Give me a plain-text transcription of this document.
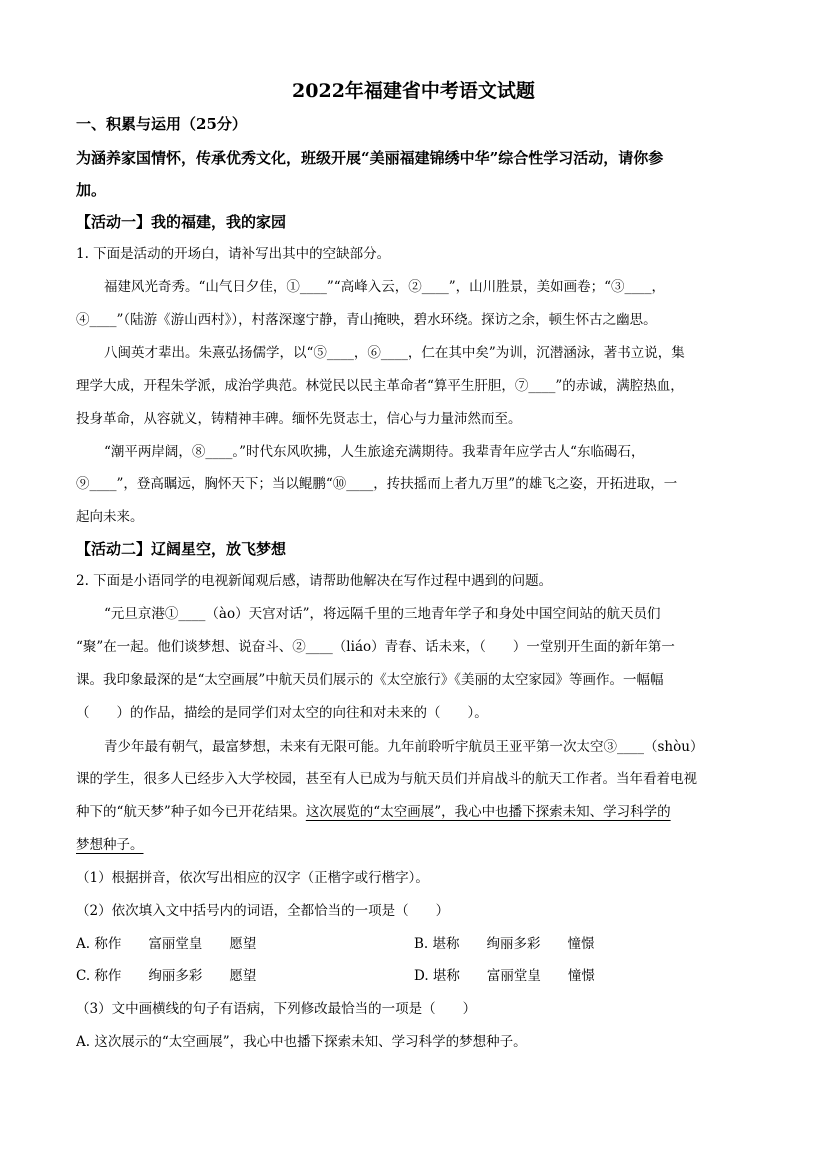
2022年福建省中考语文试题
一、积累与运用（25分）
为涵养家国情怀，传承优秀文化，班级开展“美丽福建锦绣中华”综合性学习活动，请你参
加。
【活动一】我的福建，我的家园
1. 下面是活动的开场白，请补写出其中的空缺部分。
福建风光奇秀。“山气日夕佳，①____”“高峰入云，②____”，山川胜景，美如画卷；“③____，
④____”（陆游《游山西村》），村落深邃宁静，青山掩映，碧水环绕。探访之余，顿生怀古之幽思。
八闽英才辈出。朱熹弘扬儒学，以“⑤____，⑥____，仁在其中矣”为训，沉潜涵泳，著书立说，集
理学大成，开程朱学派，成治学典范。林觉民以民主革命者“算平生肝胆，⑦____”的赤诚，满腔热血，
投身革命，从容就义，铸精神丰碑。缅怀先贤志士，信心与力量沛然而至。
“潮平两岸阔，⑧____。”时代东风吹拂，人生旅途充满期待。我辈青年应学古人“东临碣石，
⑨____”，登高瞩远，胸怀天下；当以鲲鹏“⑩____，抟扶摇而上者九万里”的雄飞之姿，开拓进取，一
起向未来。
【活动二】辽阔星空，放飞梦想
2. 下面是小语同学的电视新闻观后感，请帮助他解决在写作过程中遇到的问题。
“元旦京港①____（ào）天宫对话”，将远隔千里的三地青年学子和身处中国空间站的航天员们
“聚”在一起。他们谈梦想、说奋斗、②____（liáo）青春、话未来，（　　）一堂别开生面的新年第一
课。我印象最深的是“太空画展”中航天员们展示的《太空旅行》《美丽的太空家园》等画作。一幅幅
（　　）的作品，描绘的是同学们对太空的向往和对未来的（　　）。
青少年最有朝气，最富梦想，未来有无限可能。九年前聆听宇航员王亚平第一次太空③____（shòu）
课的学生，很多人已经步入大学校园，甚至有人已成为与航天员们并肩战斗的航天工作者。当年看着电视
种下的“航天梦”种子如今已开花结果。这次展览的“太空画展”，我心中也播下探索未知、学习科学的
梦想种子。
（1）根据拼音，依次写出相应的汉字（正楷字或行楷字）。
（2）依次填入文中括号内的词语，全都恰当的一项是（　　）
A. 称作　　富丽堂皇　　愿望	B. 堪称　　绚丽多彩　　憧憬
C. 称作　　绚丽多彩　　愿望	D. 堪称　　富丽堂皇　　憧憬
（3）文中画横线的句子有语病，下列修改最恰当的一项是（　　）
A. 这次展示的“太空画展”，我心中也播下探索未知、学习科学的梦想种子。
